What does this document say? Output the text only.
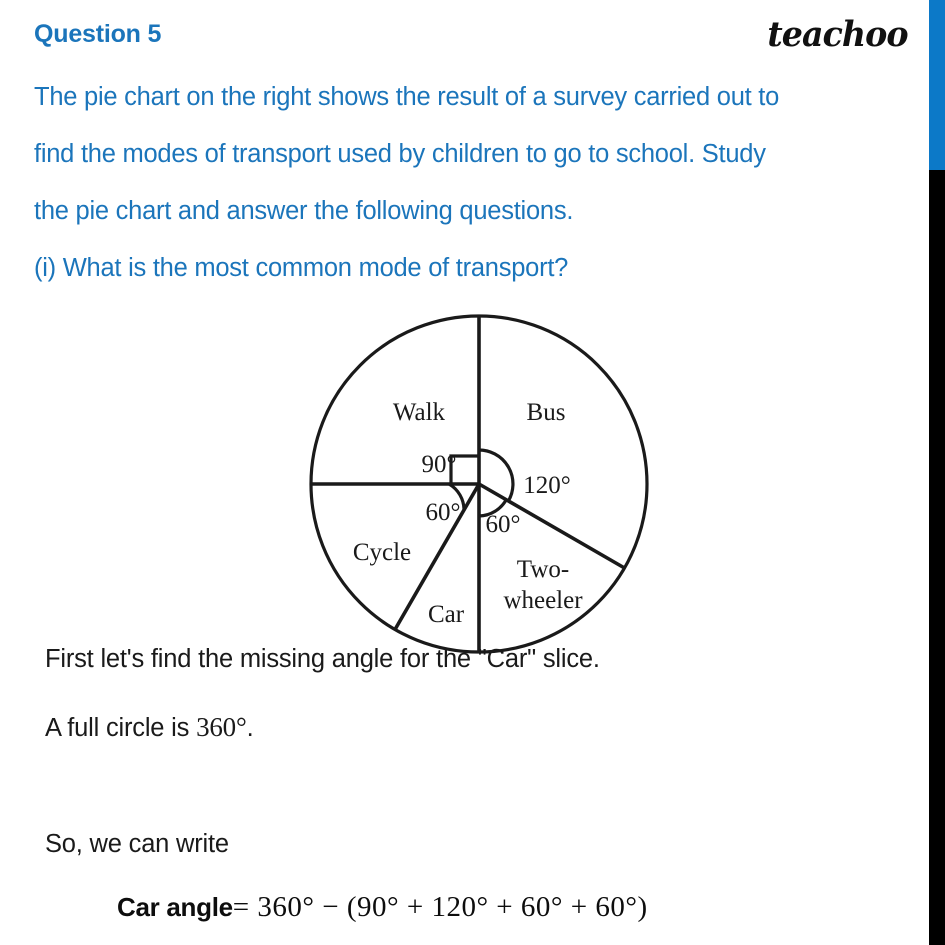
Question 5	teachoo
The pie chart on the right shows the result of a survey carried out to
find the modes of transport used by children to go to school. Study
the pie chart and answer the following questions.
(i) What is the most common mode of transport?
Walk	Bus
Cycle
Car
Two-
wheeler
90°
120°
60°
60°
First let's find the missing angle for the "Car" slice.
A full circle is 360°.
So, we can write
Car angle= 360° − (90° + 120° + 60° + 60°)
